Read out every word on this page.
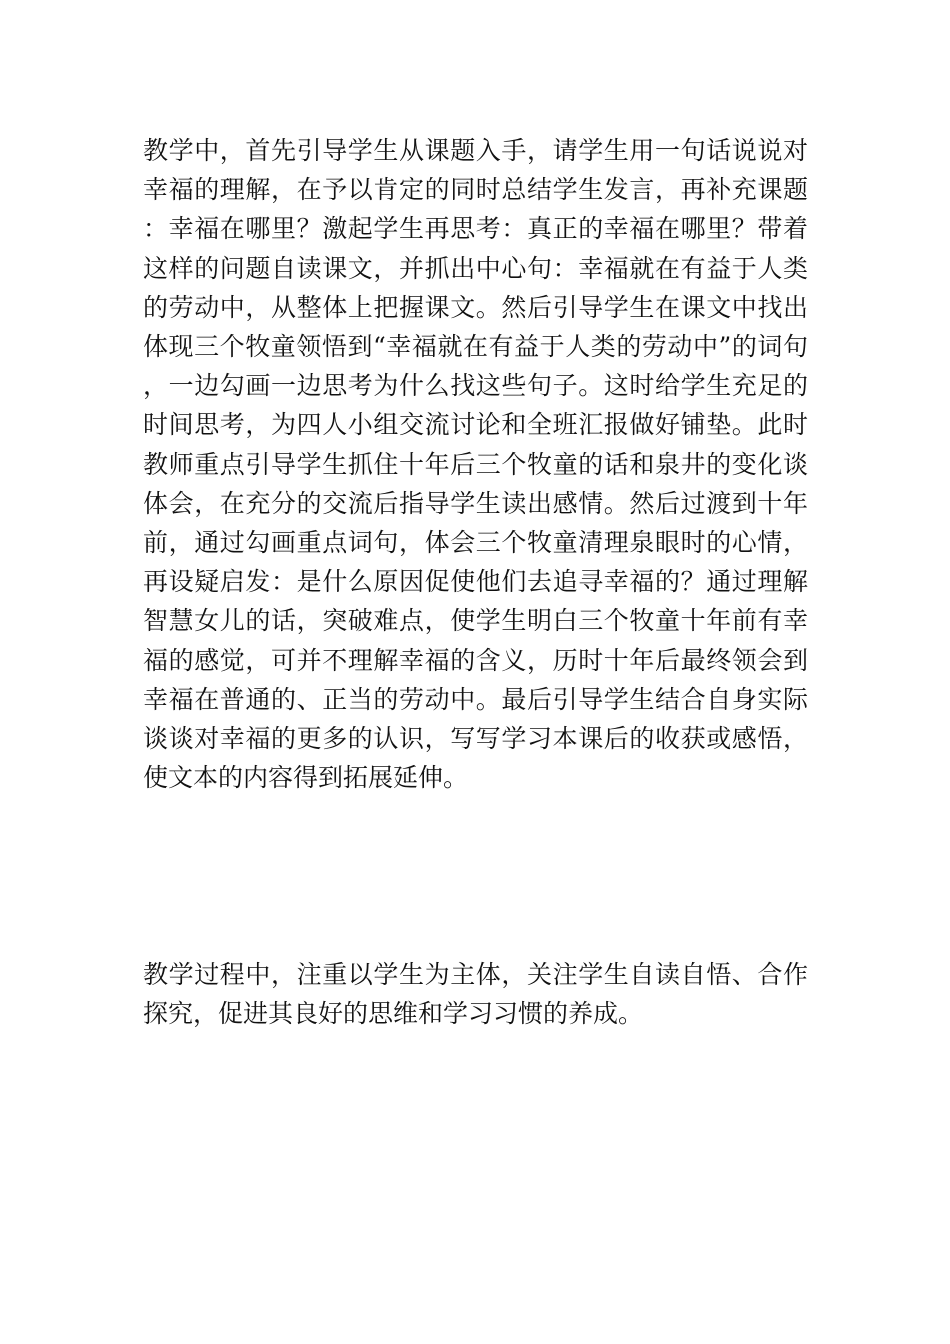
教学中，首先引导学生从课题入手，请学生用一句话说说对幸福的理解，在予以肯定的同时总结学生发言，再补充课题：幸福在哪里？激起学生再思考：真正的幸福在哪里？带着这样的问题自读课文，并抓出中心句：幸福就在有益于人类的劳动中，从整体上把握课文。然后引导学生在课文中找出体现三个牧童领悟到“幸福就在有益于人类的劳动中”的词句，一边勾画一边思考为什么找这些句子。这时给学生充足的时间思考，为四人小组交流讨论和全班汇报做好铺垫。此时教师重点引导学生抓住十年后三个牧童的话和泉井的变化谈体会，在充分的交流后指导学生读出感情。然后过渡到十年前，通过勾画重点词句，体会三个牧童清理泉眼时的心情，再设疑启发：是什么原因促使他们去追寻幸福的？通过理解智慧女儿的话，突破难点，使学生明白三个牧童十年前有幸福的感觉，可并不理解幸福的含义，历时十年后最终领会到幸福在普通的、正当的劳动中。最后引导学生结合自身实际谈谈对幸福的更多的认识，写写学习本课后的收获或感悟，使文本的内容得到拓展延伸。

教学过程中，注重以学生为主体，关注学生自读自悟、合作探究，促进其良好的思维和学习习惯的养成。
